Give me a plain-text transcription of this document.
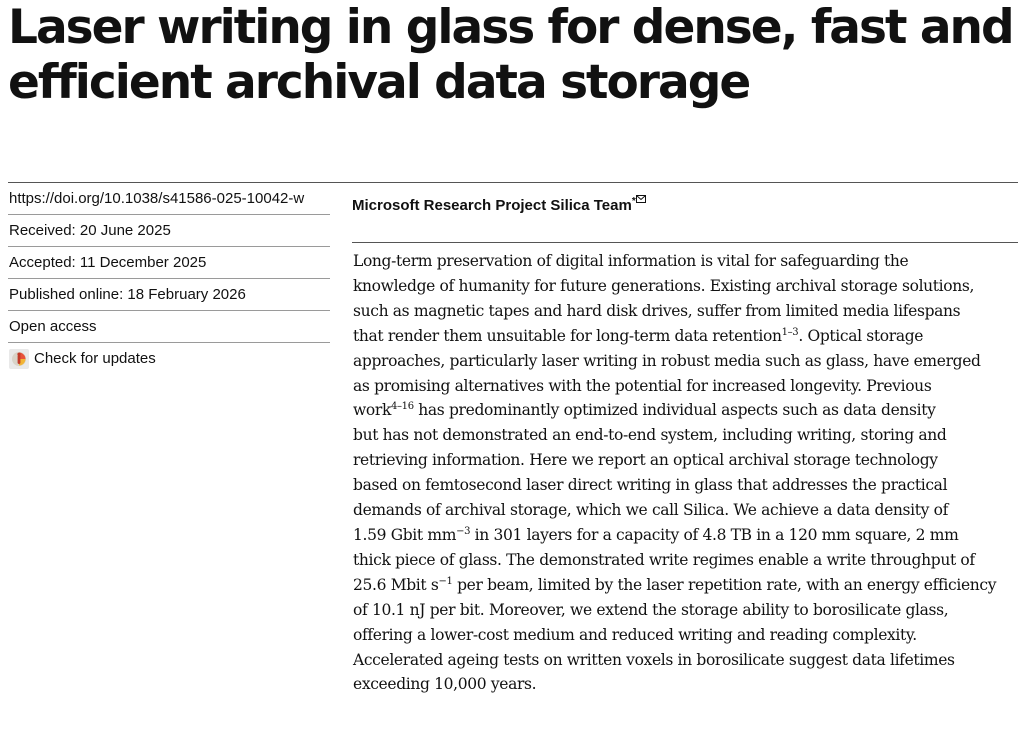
Laser writing in glass for dense, fast and
efficient archival data storage
https://doi.org/10.1038/s41586-025-10042-w
Received: 20 June 2025
Accepted: 11 December 2025
Published online: 18 February 2026
Open access
Check for updates
Microsoft Research Project Silica Team*

Long-term preservation of digital information is vital for safeguarding the
knowledge of humanity for future generations. Existing archival storage solutions,
such as magnetic tapes and hard disk drives, suffer from limited media lifespans
that render them unsuitable for long-term data retention$^{1-3}$. Optical storage
approaches, particularly laser writing in robust media such as glass, have emerged
as promising alternatives with the potential for increased longevity. Previous
work$^{4-16}$ has predominantly optimized individual aspects such as data density
but has not demonstrated an end-to-end system, including writing, storing and
retrieving information. Here we report an optical archival storage technology
based on femtosecond laser direct writing in glass that addresses the practical
demands of archival storage, which we call Silica. We achieve a data density of
1.59 Gbit $mm^{-3}$ in 301 layers for a capacity of 4.8 TB in a 120 mm square, 2 mm
thick piece of glass. The demonstrated write regimes enable a write throughput of
25.6 Mbit $s^{-1}$ per beam, limited by the laser repetition rate, with an energy efficiency
of 10.1 nJ per bit. Moreover, we extend the storage ability to borosilicate glass,
offering a lower-cost medium and reduced writing and reading complexity.
Accelerated ageing tests on written voxels in borosilicate suggest data lifetimes
exceeding 10,000 years.
